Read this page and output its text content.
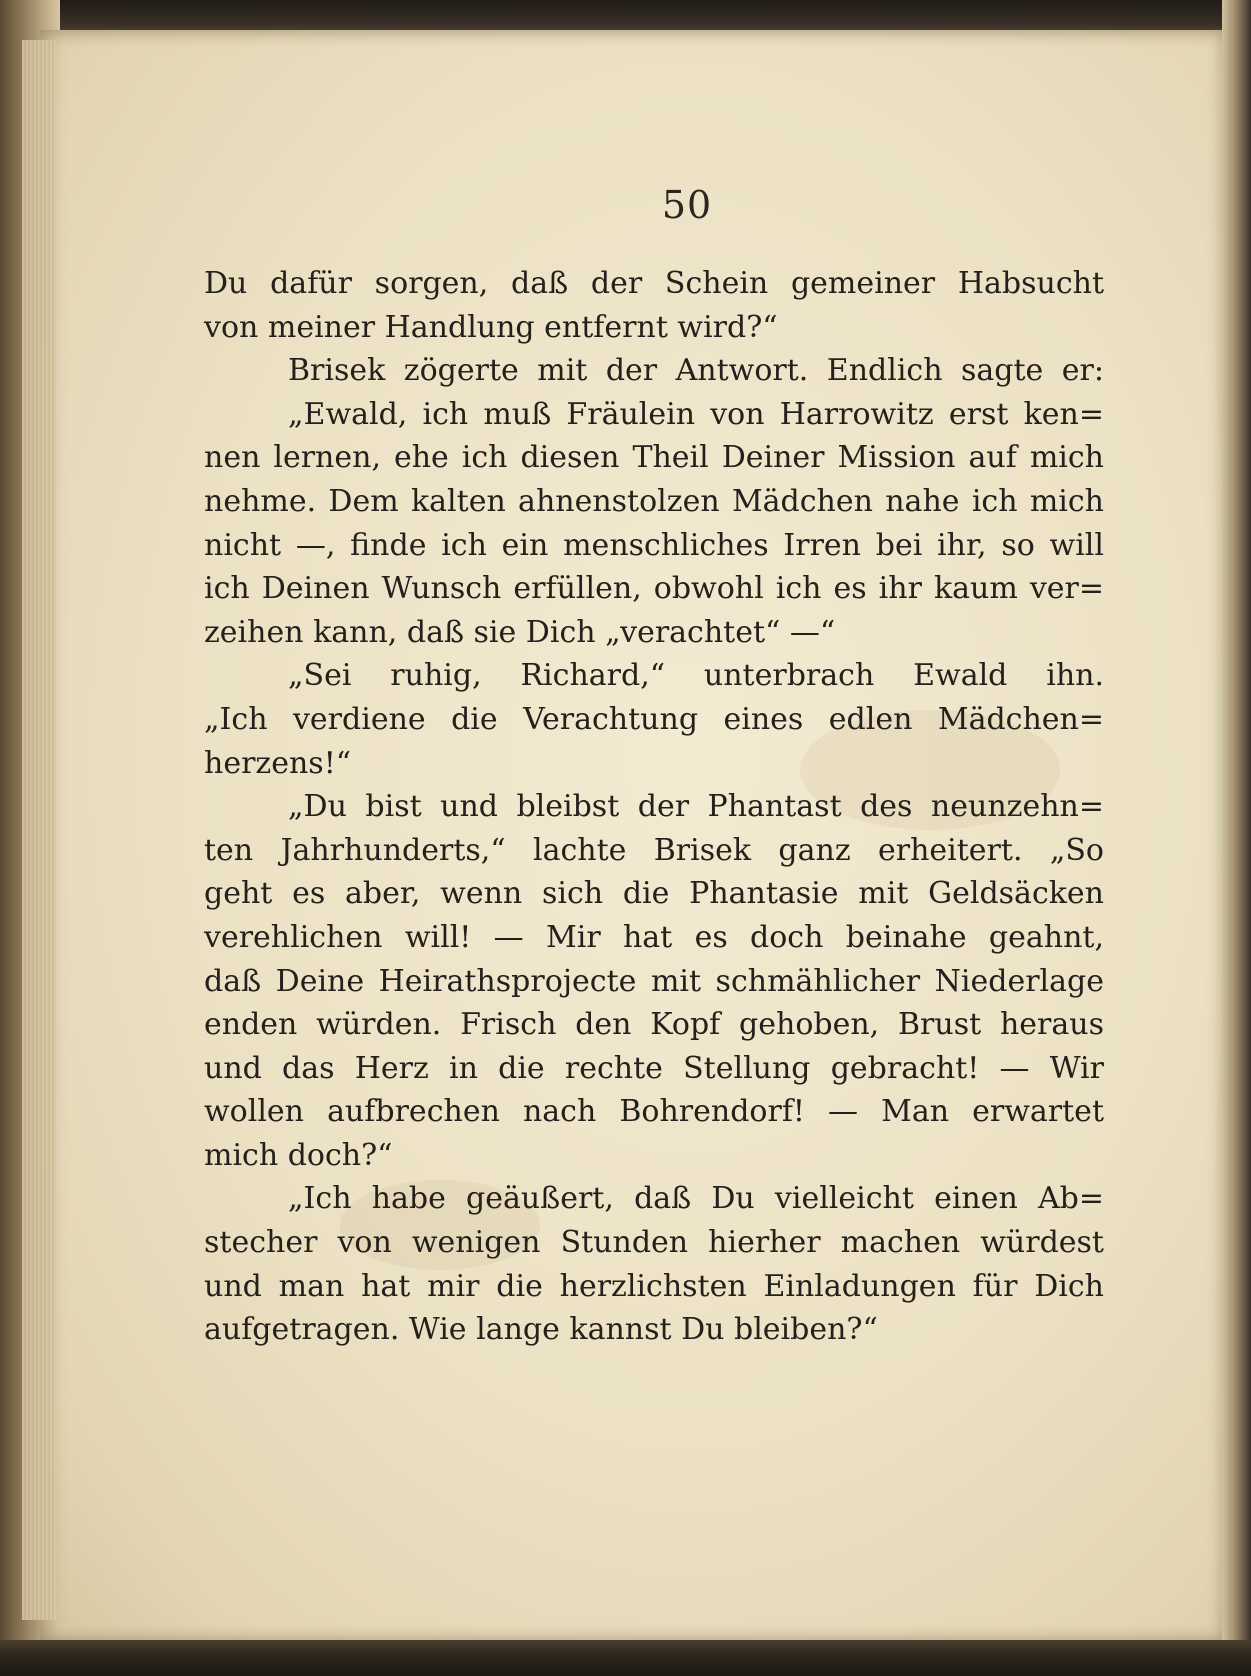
50
Du dafür sorgen, daß der Schein gemeiner Habsucht
von meiner Handlung entfernt wird?“
Brisek zögerte mit der Antwort. Endlich sagte er:
„Ewald, ich muß Fräulein von Harrowitz erst ken=
nen lernen, ehe ich diesen Theil Deiner Mission auf mich
nehme. Dem kalten ahnenstolzen Mädchen nahe ich mich
nicht —, finde ich ein menschliches Irren bei ihr, so will
ich Deinen Wunsch erfüllen, obwohl ich es ihr kaum ver=
zeihen kann, daß sie Dich „verachtet“ —“
„Sei ruhig, Richard,“ unterbrach Ewald ihn.
„Ich verdiene die Verachtung eines edlen Mädchen=
herzens!“
„Du bist und bleibst der Phantast des neunzehn=
ten Jahrhunderts,“ lachte Brisek ganz erheitert. „So
geht es aber, wenn sich die Phantasie mit Geldsäcken
verehlichen will! — Mir hat es doch beinahe geahnt,
daß Deine Heirathsprojecte mit schmählicher Niederlage
enden würden. Frisch den Kopf gehoben, Brust heraus
und das Herz in die rechte Stellung gebracht! — Wir
wollen aufbrechen nach Bohrendorf! — Man erwartet
mich doch?“
„Ich habe geäußert, daß Du vielleicht einen Ab=
stecher von wenigen Stunden hierher machen würdest
und man hat mir die herzlichsten Einladungen für Dich
aufgetragen. Wie lange kannst Du bleiben?“
